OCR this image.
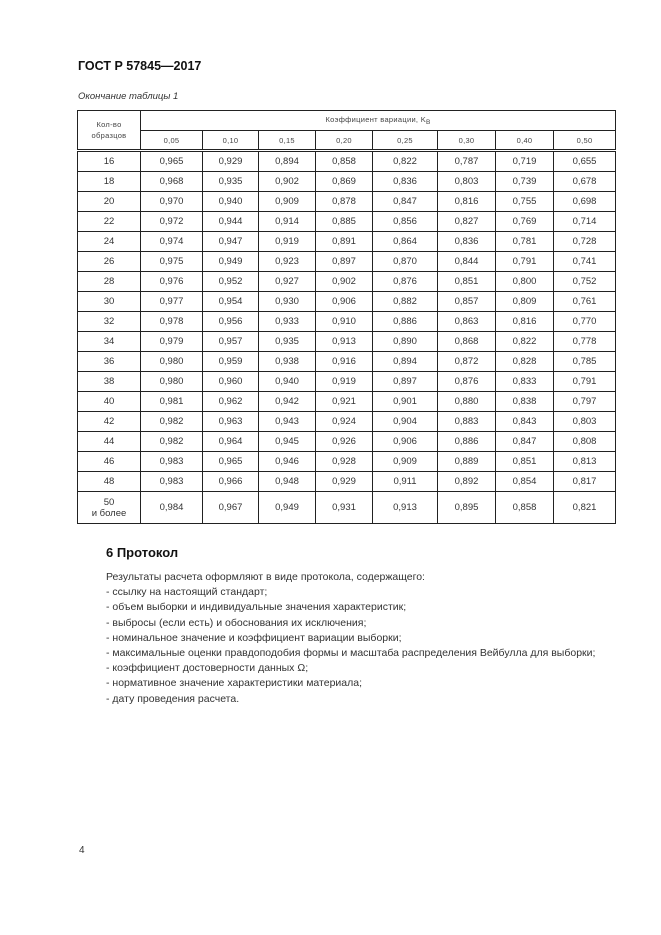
ГОСТ Р 57845—2017
Окончание таблицы 1
Кол-во образцов	Коэффициент вариации, KВ							
	0,05	0,10	0,15	0,20	0,25	0,30	0,40	0,50
16	0,965	0,929	0,894	0,858	0,822	0,787	0,719	0,655
18	0,968	0,935	0,902	0,869	0,836	0,803	0,739	0,678
20	0,970	0,940	0,909	0,878	0,847	0,816	0,755	0,698
22	0,972	0,944	0,914	0,885	0,856	0,827	0,769	0,714
24	0,974	0,947	0,919	0,891	0,864	0,836	0,781	0,728
26	0,975	0,949	0,923	0,897	0,870	0,844	0,791	0,741
28	0,976	0,952	0,927	0,902	0,876	0,851	0,800	0,752
30	0,977	0,954	0,930	0,906	0,882	0,857	0,809	0,761
32	0,978	0,956	0,933	0,910	0,886	0,863	0,816	0,770
34	0,979	0,957	0,935	0,913	0,890	0,868	0,822	0,778
36	0,980	0,959	0,938	0,916	0,894	0,872	0,828	0,785
38	0,980	0,960	0,940	0,919	0,897	0,876	0,833	0,791
40	0,981	0,962	0,942	0,921	0,901	0,880	0,838	0,797
42	0,982	0,963	0,943	0,924	0,904	0,883	0,843	0,803
44	0,982	0,964	0,945	0,926	0,906	0,886	0,847	0,808
46	0,983	0,965	0,946	0,928	0,909	0,889	0,851	0,813
48	0,983	0,966	0,948	0,929	0,911	0,892	0,854	0,817
50
и более	0,984	0,967	0,949	0,931	0,913	0,895	0,858	0,821
6 Протокол

Результаты расчета оформляют в виде протокола, содержащего:

- ссылку на настоящий стандарт;

- объем выборки и индивидуальные значения характеристик;

- выбросы (если есть) и обоснования их исключения;

- номинальное значение и коэффициент вариации выборки;

- максимальные оценки правдоподобия формы и масштаба распределения Вейбулла для выборки;

- коэффициент достоверности данных Ω;

- нормативное значение характеристики материала;

- дату проведения расчета.

4
